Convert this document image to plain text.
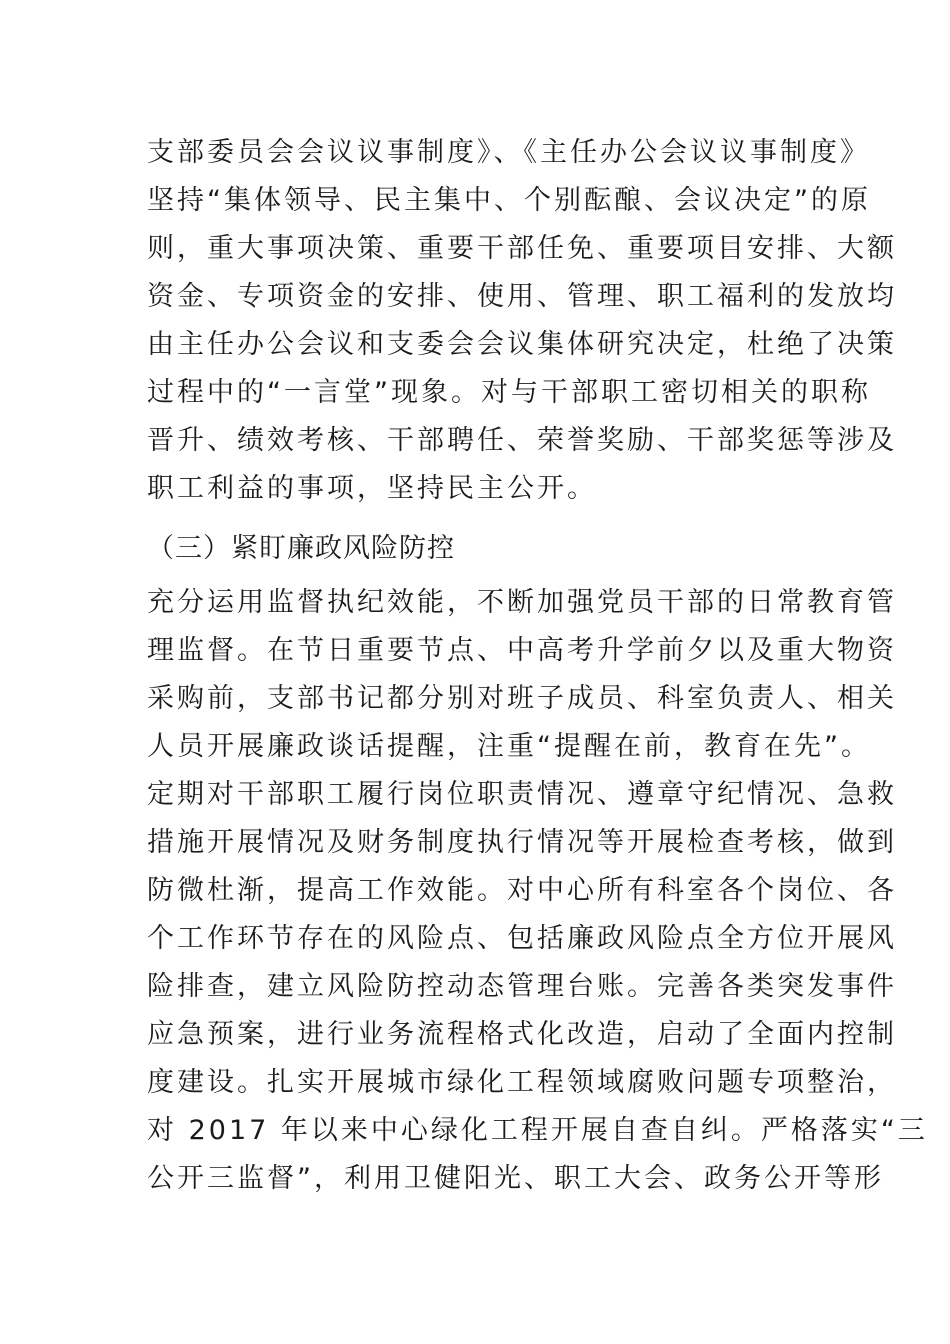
支部委员会会议议事制度》、《主任办公会议议事制度》
坚持“集体领导、民主集中、个别酝酿、会议决定”的原
则，重大事项决策、重要干部任免、重要项目安排、大额
资金、专项资金的安排、使用、管理、职工福利的发放均
由主任办公会议和支委会会议集体研究决定，杜绝了决策
过程中的“一言堂”现象。对与干部职工密切相关的职称
晋升、绩效考核、干部聘任、荣誉奖励、干部奖惩等涉及
职工利益的事项，坚持民主公开。
（三）紧盯廉政风险防控
充分运用监督执纪效能，不断加强党员干部的日常教育管
理监督。在节日重要节点、中高考升学前夕以及重大物资
采购前，支部书记都分别对班子成员、科室负责人、相关
人员开展廉政谈话提醒，注重“提醒在前，教育在先”。
定期对干部职工履行岗位职责情况、遵章守纪情况、急救
措施开展情况及财务制度执行情况等开展检查考核，做到
防微杜渐，提高工作效能。对中心所有科室各个岗位、各
个工作环节存在的风险点、包括廉政风险点全方位开展风
险排查，建立风险防控动态管理台账。完善各类突发事件
应急预案，进行业务流程格式化改造，启动了全面内控制
度建设。扎实开展城市绿化工程领域腐败问题专项整治，
对 2017 年以来中心绿化工程开展自查自纠。严格落实“三
公开三监督”，利用卫健阳光、职工大会、政务公开等形
